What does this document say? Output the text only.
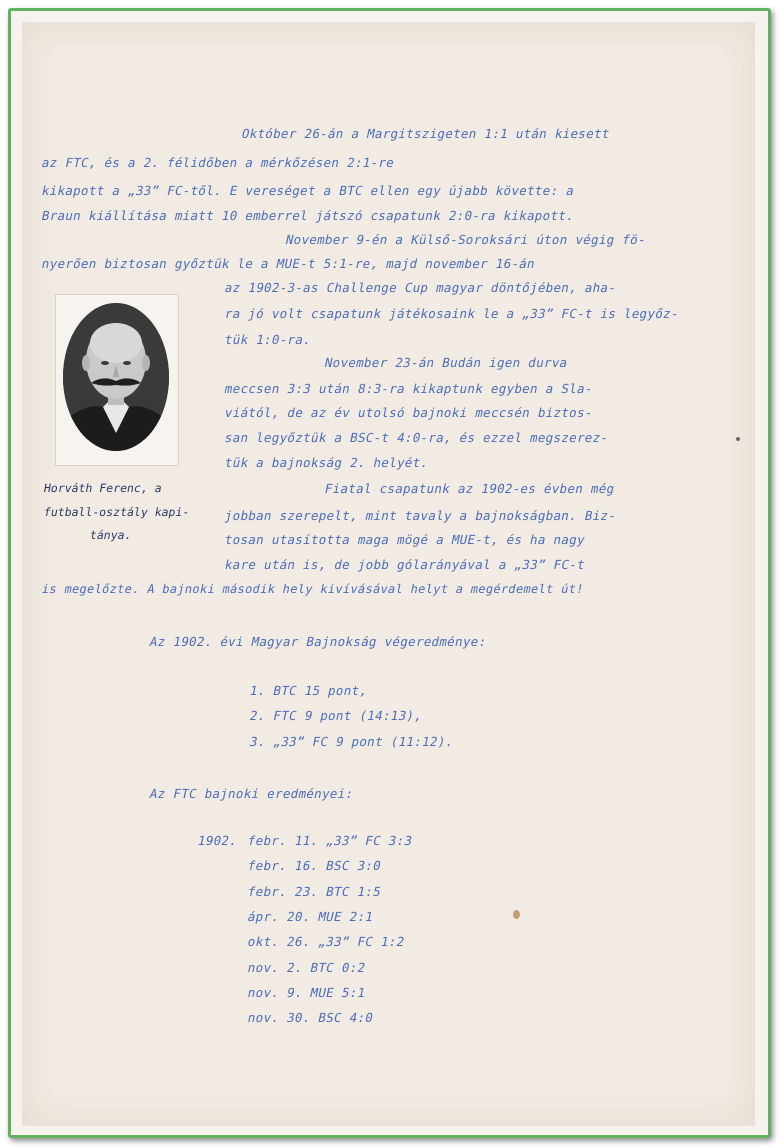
Október 26-án a Margitszigeten 1:1 után kiesett
az FTC, és a 2. félidőben a mérkőzésen 2:1-re
kikapott a „33” FC-től. E vereséget a BTC ellen egy újabb követte: a
Braun kiállítása miatt 10 emberrel játszó csapatunk 2:0-ra kikapott.
November 9-én a Külső-Soroksári úton végig fö-
nyerően biztosan győztük le a MUE-t 5:1-re, majd november 16-án
az 1902-3-as Challenge Cup magyar döntőjében, aha-
ra jó volt csapatunk játékosaink le a „33” FC-t is legyőz-
tük 1:0-ra.
November 23-án Budán igen durva
meccsen 3:3 után 8:3-ra kikaptunk egyben a Sla-
viától, de az év utolsó bajnoki meccsén biztos-
san legyőztük a BSC-t 4:0-ra, és ezzel megszerez-
tük a bajnokság 2. helyét.
Fiatal csapatunk az 1902-es évben még
jobban szerepelt, mint tavaly a bajnokságban. Biz-
tosan utasította maga mögé a MUE-t, és ha nagy
kare után is, de jobb gólarányával a „33” FC-t
is megelőzte. A bajnoki második hely kivívásával helyt a megérdemelt út!
Horváth Ferenc, a
futball-osztály kapi-
tánya.
Az 1902. évi Magyar Bajnokság végeredménye:
1. BTC 15 pont,
2. FTC 9 pont (14:13),
3. „33” FC 9 pont (11:12).
Az FTC bajnoki eredményei:
1902. febr. 11. „33” FC 3:3
febr. 16. BSC 3:0
febr. 23. BTC 1:5
ápr. 20. MUE 2:1
okt. 26. „33” FC 1:2
nov. 2. BTC 0:2
nov. 9. MUE 5:1
nov. 30. BSC 4:0
